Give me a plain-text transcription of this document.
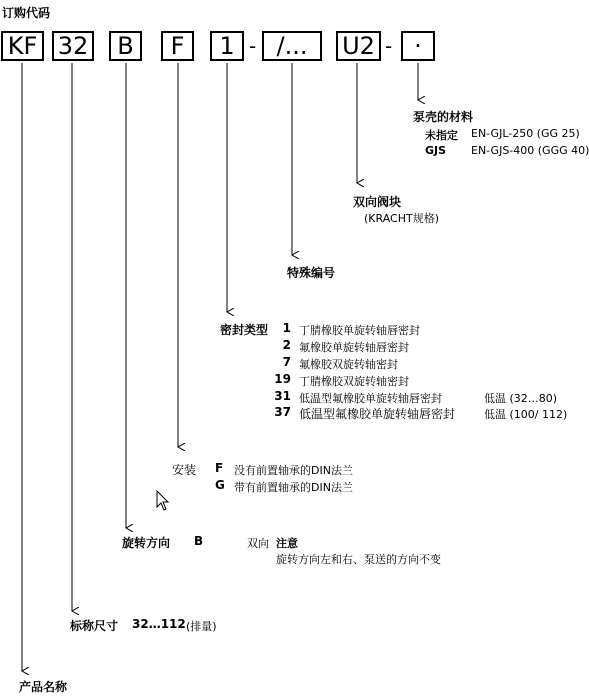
订购代码
KF 32	B	F	1 - /...	U2 - ·
泵壳的材料
未指定 EN-GJL-250 (GG 25)
GJS EN-GJS-400 (GGG 40)
双向阀块
(KRACHT规格)
特殊编号
密封类型	1 丁腈橡胶单旋转轴唇密封
2 氟橡胶单旋转轴唇密封
7 氟橡胶双旋转轴密封
19 丁腈橡胶双旋转轴密封
31 低温型氟橡胶单旋转轴唇密封	低温 (32…80)
37 低温型氟橡胶单旋转轴唇密封	低温 (100/ 112)
安装 F 没有前置轴承的DIN法兰
G 带有前置轴承的DIN法兰
旋转方向 B	双向 注意
旋转方向左和右、泵送的方向不变
标称尺寸 32…112 (排量)
产品名称
